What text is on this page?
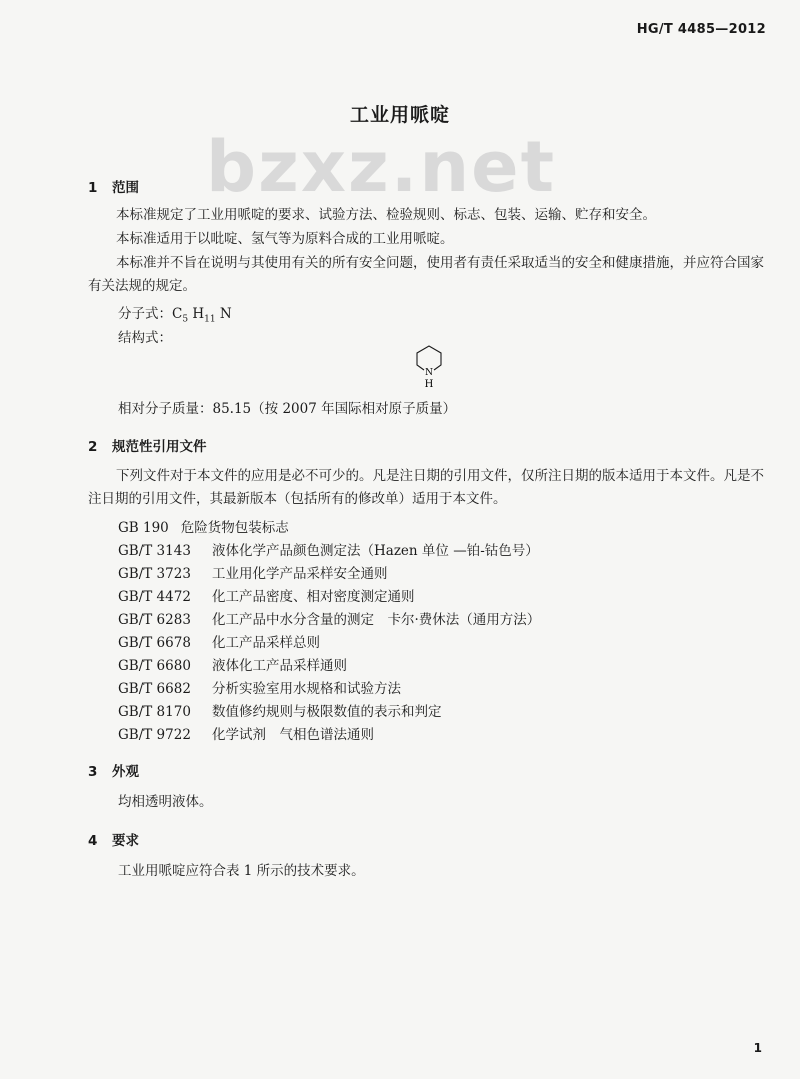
HG/T 4485—2012
工业用哌啶
bzxz.net
1 范围
本标准规定了工业用哌啶的要求、试验方法、检验规则、标志、包装、运输、贮存和安全。
本标准适用于以吡啶、氢气等为原料合成的工业用哌啶。
本标准并不旨在说明与其使用有关的所有安全问题，使用者有责任采取适当的安全和健康措施，并应符合国家有关法规的规定。
分子式：$C_5$ $H_{11}$ N
结构式：
N
H
相对分子质量：85.15（按 2007 年国际相对原子质量）
2 规范性引用文件
下列文件对于本文件的应用是必不可少的。凡是注日期的引用文件，仅所注日期的版本适用于本文件。凡是不注日期的引用文件，其最新版本（包括所有的修改单）适用于本文件。
GB 190 危险货物包装标志
GB/T 3143 液体化学产品颜色测定法（Hazen 单位 —铂-钴色号）
GB/T 3723 工业用化学产品采样安全通则
GB/T 4472 化工产品密度、相对密度测定通则
GB/T 6283 化工产品中水分含量的测定　卡尔·费休法（通用方法）
GB/T 6678 化工产品采样总则
GB/T 6680 液体化工产品采样通则
GB/T 6682 分析实验室用水规格和试验方法
GB/T 8170 数值修约规则与极限数值的表示和判定
GB/T 9722 化学试剂　气相色谱法通则
3 外观
均相透明液体。
4 要求
工业用哌啶应符合表 1 所示的技术要求。
1
